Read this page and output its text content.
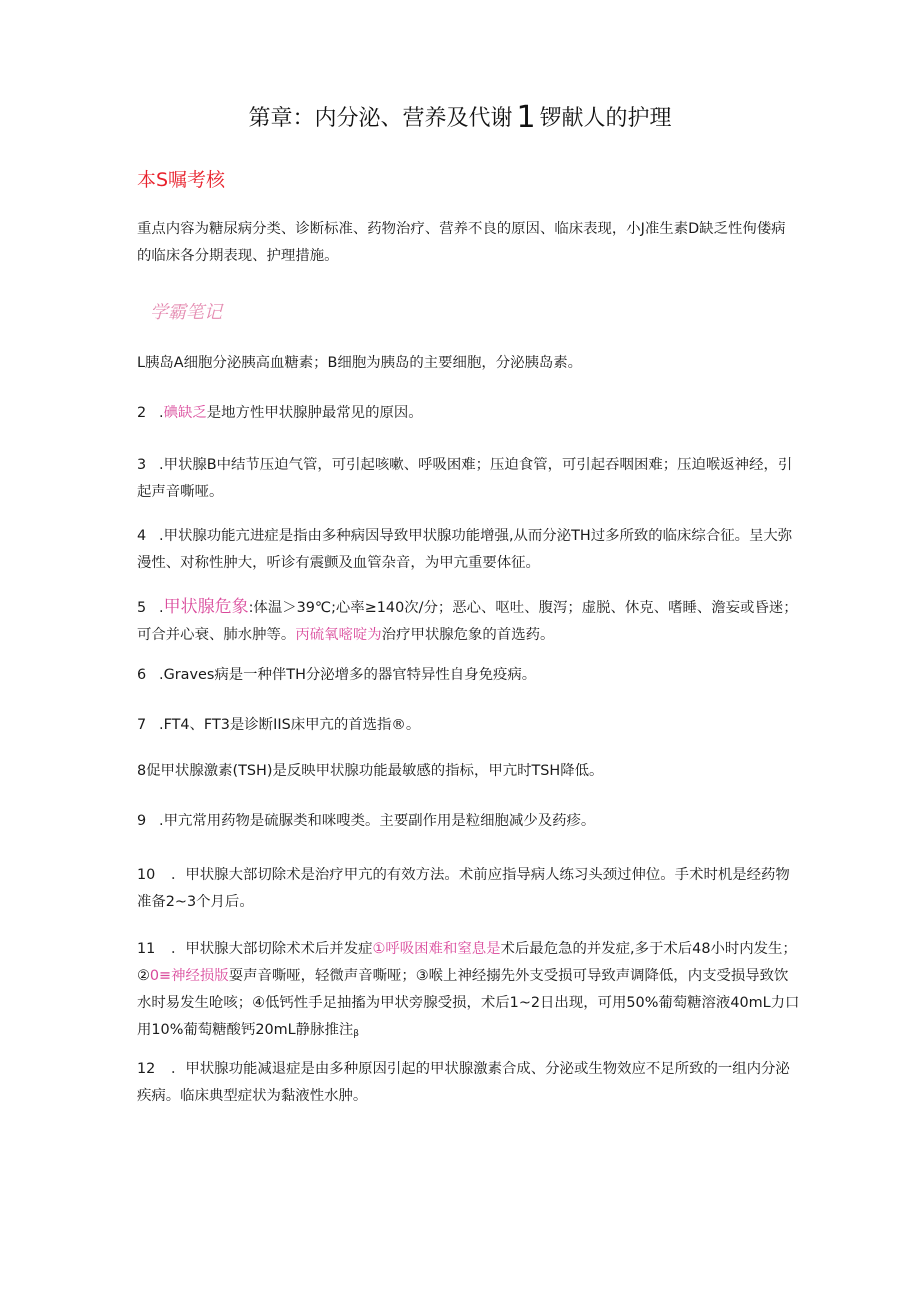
第章：内分泌、营养及代谢 1 锣献人的护理
本S嘱考核
重点内容为糖尿病分类、诊断标准、药物治疗、营养不良的原因、临床表现，小J准生素D缺乏性佝偻病的临床各分期表现、护理措施。
学霸笔记
L胰岛A细胞分泌胰高血糖素；B细胞为胰岛的主要细胞，分泌胰岛素。
2 .碘缺乏是地方性甲状腺肿最常见的原因。
3 .甲状腺B中结节压迫气管，可引起咳嗽、呼吸困难；压迫食管，可引起吞咽困难；压迫喉返神经，引起声音嘶哑。
4 .甲状腺功能亢进症是指由多种病因导致甲状腺功能增强,从而分泌TH过多所致的临床综合征。呈大弥漫性、对称性肿大，听诊有震颤及血管杂音，为甲亢重要体征。
5 .甲状腺危象:体温＞39℃;心率≥140次/分；恶心、呕吐、腹泻；虚脱、休克、嗜睡、澹妄或昏迷；可合并心衰、肺水肿等。丙硫氧嘧啶为治疗甲状腺危象的首选药。
6 .Graves病是一种伴TH分泌增多的器官特异性自身免疫病。
7 .FT4、FT3是诊断IIS床甲亢的首选指®。
8促甲状腺激素(TSH)是反映甲状腺功能最敏感的指标，甲亢时TSH降低。
9 .甲亢常用药物是硫脲类和咪嗖类。主要副作用是粒细胞减少及药疹。
10 ．甲状腺大部切除术是治疗甲亢的有效方法。术前应指导病人练习头颈过伸位。手术时机是经药物准备2~3个月后。
11 ．甲状腺大部切除术术后并发症①呼吸困难和窒息是术后最危急的并发症,多于术后48小时内发生；②0≡神经损版耍声音嘶哑，轻微声音嘶哑；③喉上神经搦先外支受损可导致声调降低，内支受损导致饮水时易发生呛咳；④低钙性手足抽搐为甲状旁腺受损，术后1~2日出现，可用50%葡萄糖溶液40mL力口用10%葡萄糖酸钙20mL静脉推注$_\beta$
12 ．甲状腺功能减退症是由多种原因引起的甲状腺激素合成、分泌或生物效应不足所致的一组内分泌疾病。临床典型症状为黏液性水肿。
